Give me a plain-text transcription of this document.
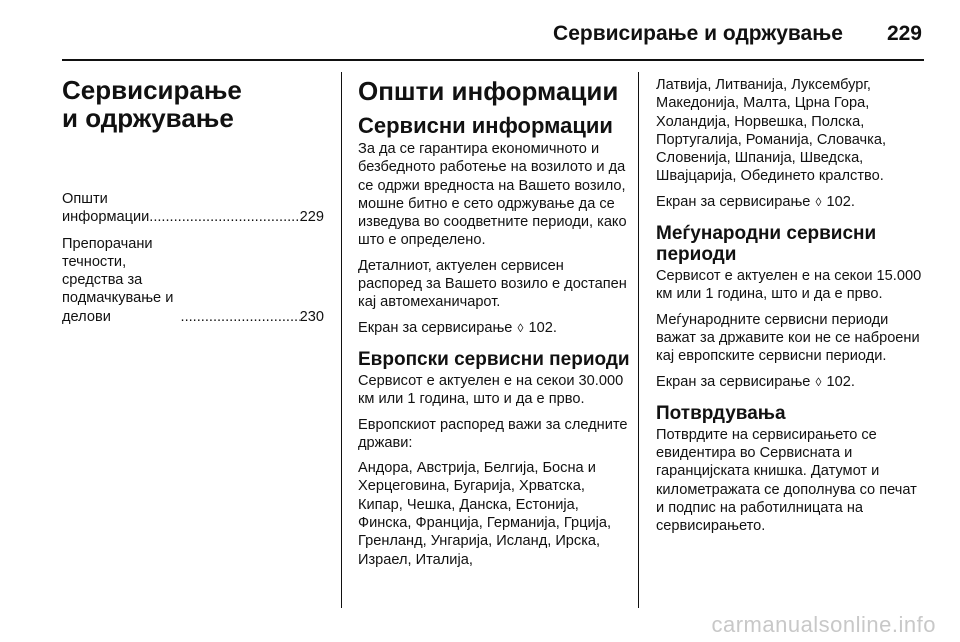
Сервисирање и одржување 229
Сервисирање
и одржување
Општи информации .....	229
Препорачани течности, средства за подмачкување и делови .....	230
Општи информации
Сервисни информации

За да се гарантира економичното и безбедното работење на возилото и да се одржи вредноста на Вашето возило, мошне битно е сето одржување да се изведува во соодветните периоди, како што е определено.

Деталниот, актуелен сервисен распоред за Вашето возило е достапен кај автомеханичарот.

Екран за сервисирање ◊ 102.

Европски сервисни периоди

Сервисот е актуелен е на секои 30.000 км или 1 година, што и да е прво.

Европскиот распоред важи за следните држави:

Андора, Австрија, Белгија, Босна и Херцеговина, Бугарија, Хрватска, Кипар, Чешка, Данска, Естонија, Финска, Франција, Германија, Грција, Гренланд, Унгарија, Исланд, Ирска, Израел, Италија,

Латвија, Литванија, Луксембург, Македонија, Малта, Црна Гора, Холандија, Норвешка, Полска, Португалија, Романија, Словачка, Словенија, Шпанија, Шведска, Швајцарија, Обединето кралство.

Екран за сервисирање ◊ 102.

Меѓународни сервисни периоди

Сервисот е актуелен е на секои 15.000 км или 1 година, што и да е прво.

Меѓународните сервисни периоди важат за државите кои не се наброени кај европските сервисни периоди.

Екран за сервисирање ◊ 102.

Потврдувања

Потврдите на сервисирањето се евидентира во Сервисната и гаранцијската книшка. Датумот и километражата се дополнува со печат и подпис на работилницата на сервисирањето.

carmanualsonline.info
